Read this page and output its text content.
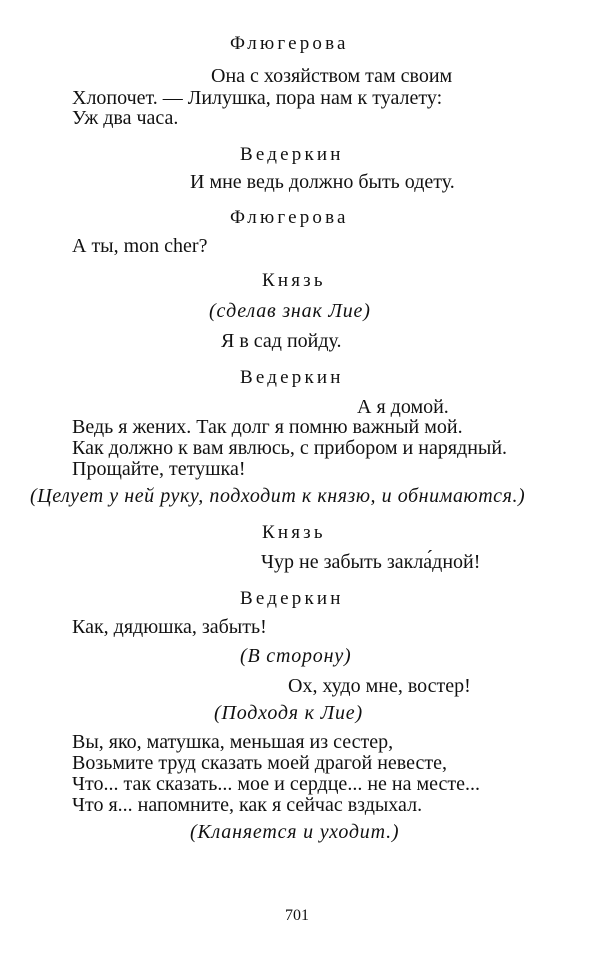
Флюгерова
Она с хозяйством там своим
Хлопочет. — Лилушка, пора нам к туалету:
Уж два часа.
Ведеркин
И мне ведь должно быть одету.
Флюгерова
А ты, mon cher?
Князь
(сделав знак Лие)
Я в сад пойду.
Ведеркин
А я домой.
Ведь я жених. Так долг я помню важный мой.
Как должно к вам явлюсь, с прибором и нарядный.
Прощайте, тетушка!
(Целует у ней руку, подходит к князю, и обнимаются.)
Князь
Чур не забыть закла́дной!
Ведеркин
Как, дядюшка, забыть!
(В сторону)
Ох, худо мне, востер!
(Подходя к Лие)
Вы, яко, матушка, меньшая из сестер,
Возьмите труд сказать моей драгой невесте,
Что... так сказать... мое и сердце... не на месте...
Что я... напомните, как я сейчас вздыхал.
(Кланяется и уходит.)
701
